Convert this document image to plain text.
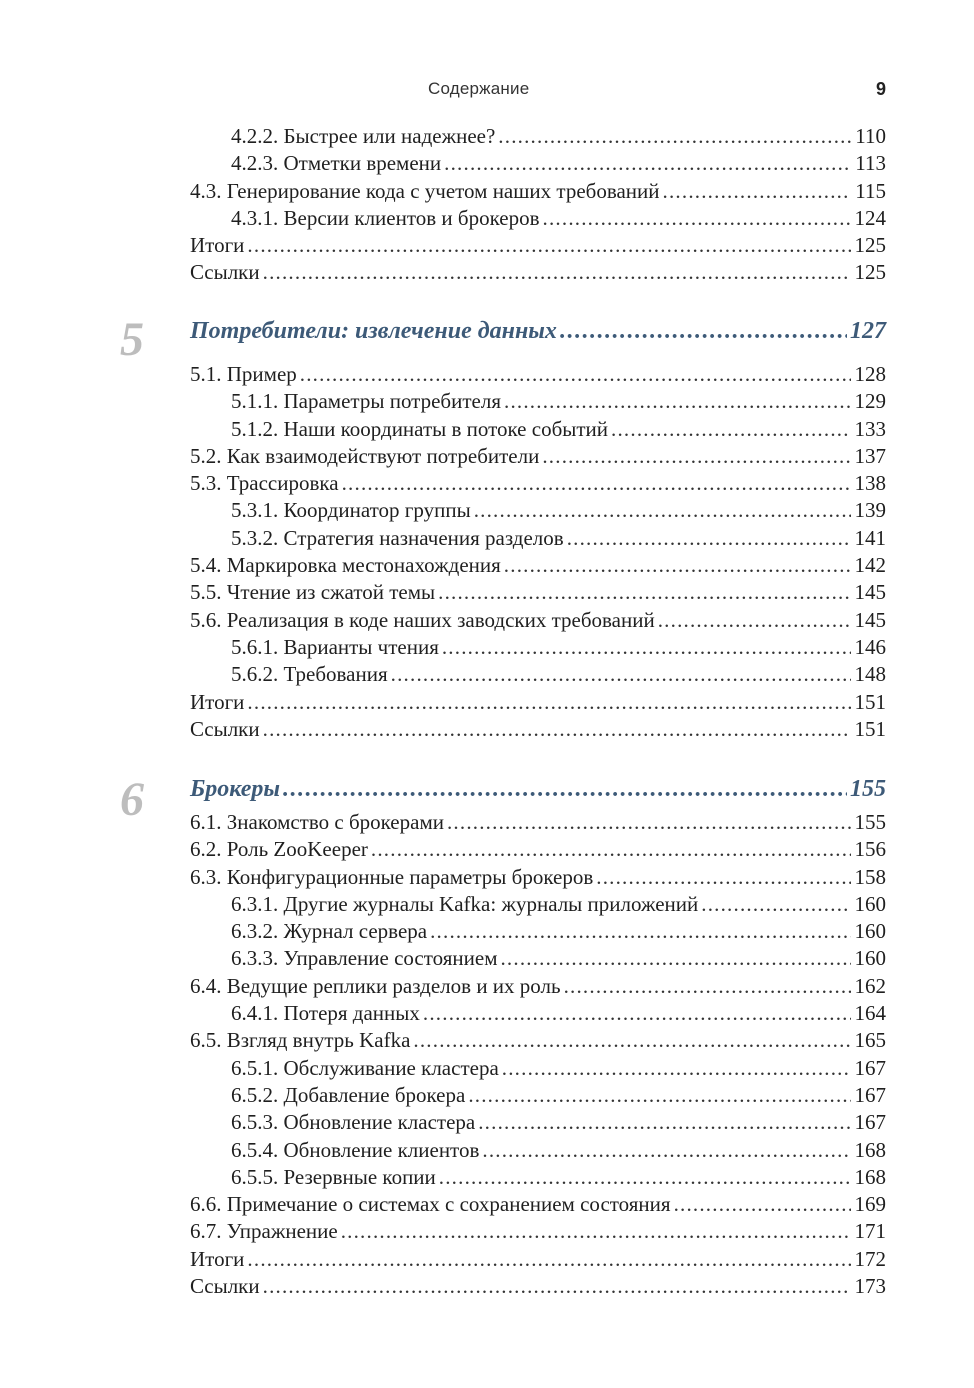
Содержание	9
4.2.2. Быстрее или надежнее? .....	110
4.2.3. Отметки времени .....	113
4.3. Генерирование кода с учетом наших требований .....	115
4.3.1. Версии клиентов и брокеров .....	124
Итоги .....	125
Ссылки .....	125
5 Потребители: извлечение данных .....	127
5.1. Пример .....	128
5.1.1. Параметры потребителя .....	129
5.1.2. Наши координаты в потоке событий .....	133
5.2. Как взаимодействуют потребители .....	137
5.3. Трассировка .....	138
5.3.1. Координатор группы .....	139
5.3.2. Стратегия назначения разделов .....	141
5.4. Маркировка местонахождения .....	142
5.5. Чтение из сжатой темы .....	145
5.6. Реализация в коде наших заводских требований .....	145
5.6.1. Варианты чтения .....	146
5.6.2. Требования .....	148
Итоги .....	151
Ссылки .....	151
6 Брокеры .....	155
6.1. Знакомство с брокерами .....	155
6.2. Роль ZooKeeper .....	156
6.3. Конфигурационные параметры брокеров .....	158
6.3.1. Другие журналы Kafka: журналы приложений .....	160
6.3.2. Журнал сервера .....	160
6.3.3. Управление состоянием .....	160
6.4. Ведущие реплики разделов и их роль .....	162
6.4.1. Потеря данных .....	164
6.5. Взгляд внутрь Kafka .....	165
6.5.1. Обслуживание кластера .....	167
6.5.2. Добавление брокера .....	167
6.5.3. Обновление кластера .....	167
6.5.4. Обновление клиентов .....	168
6.5.5. Резервные копии .....	168
6.6. Примечание о системах с сохранением состояния .....	169
6.7. Упражнение .....	171
Итоги .....	172
Ссылки .....	173
